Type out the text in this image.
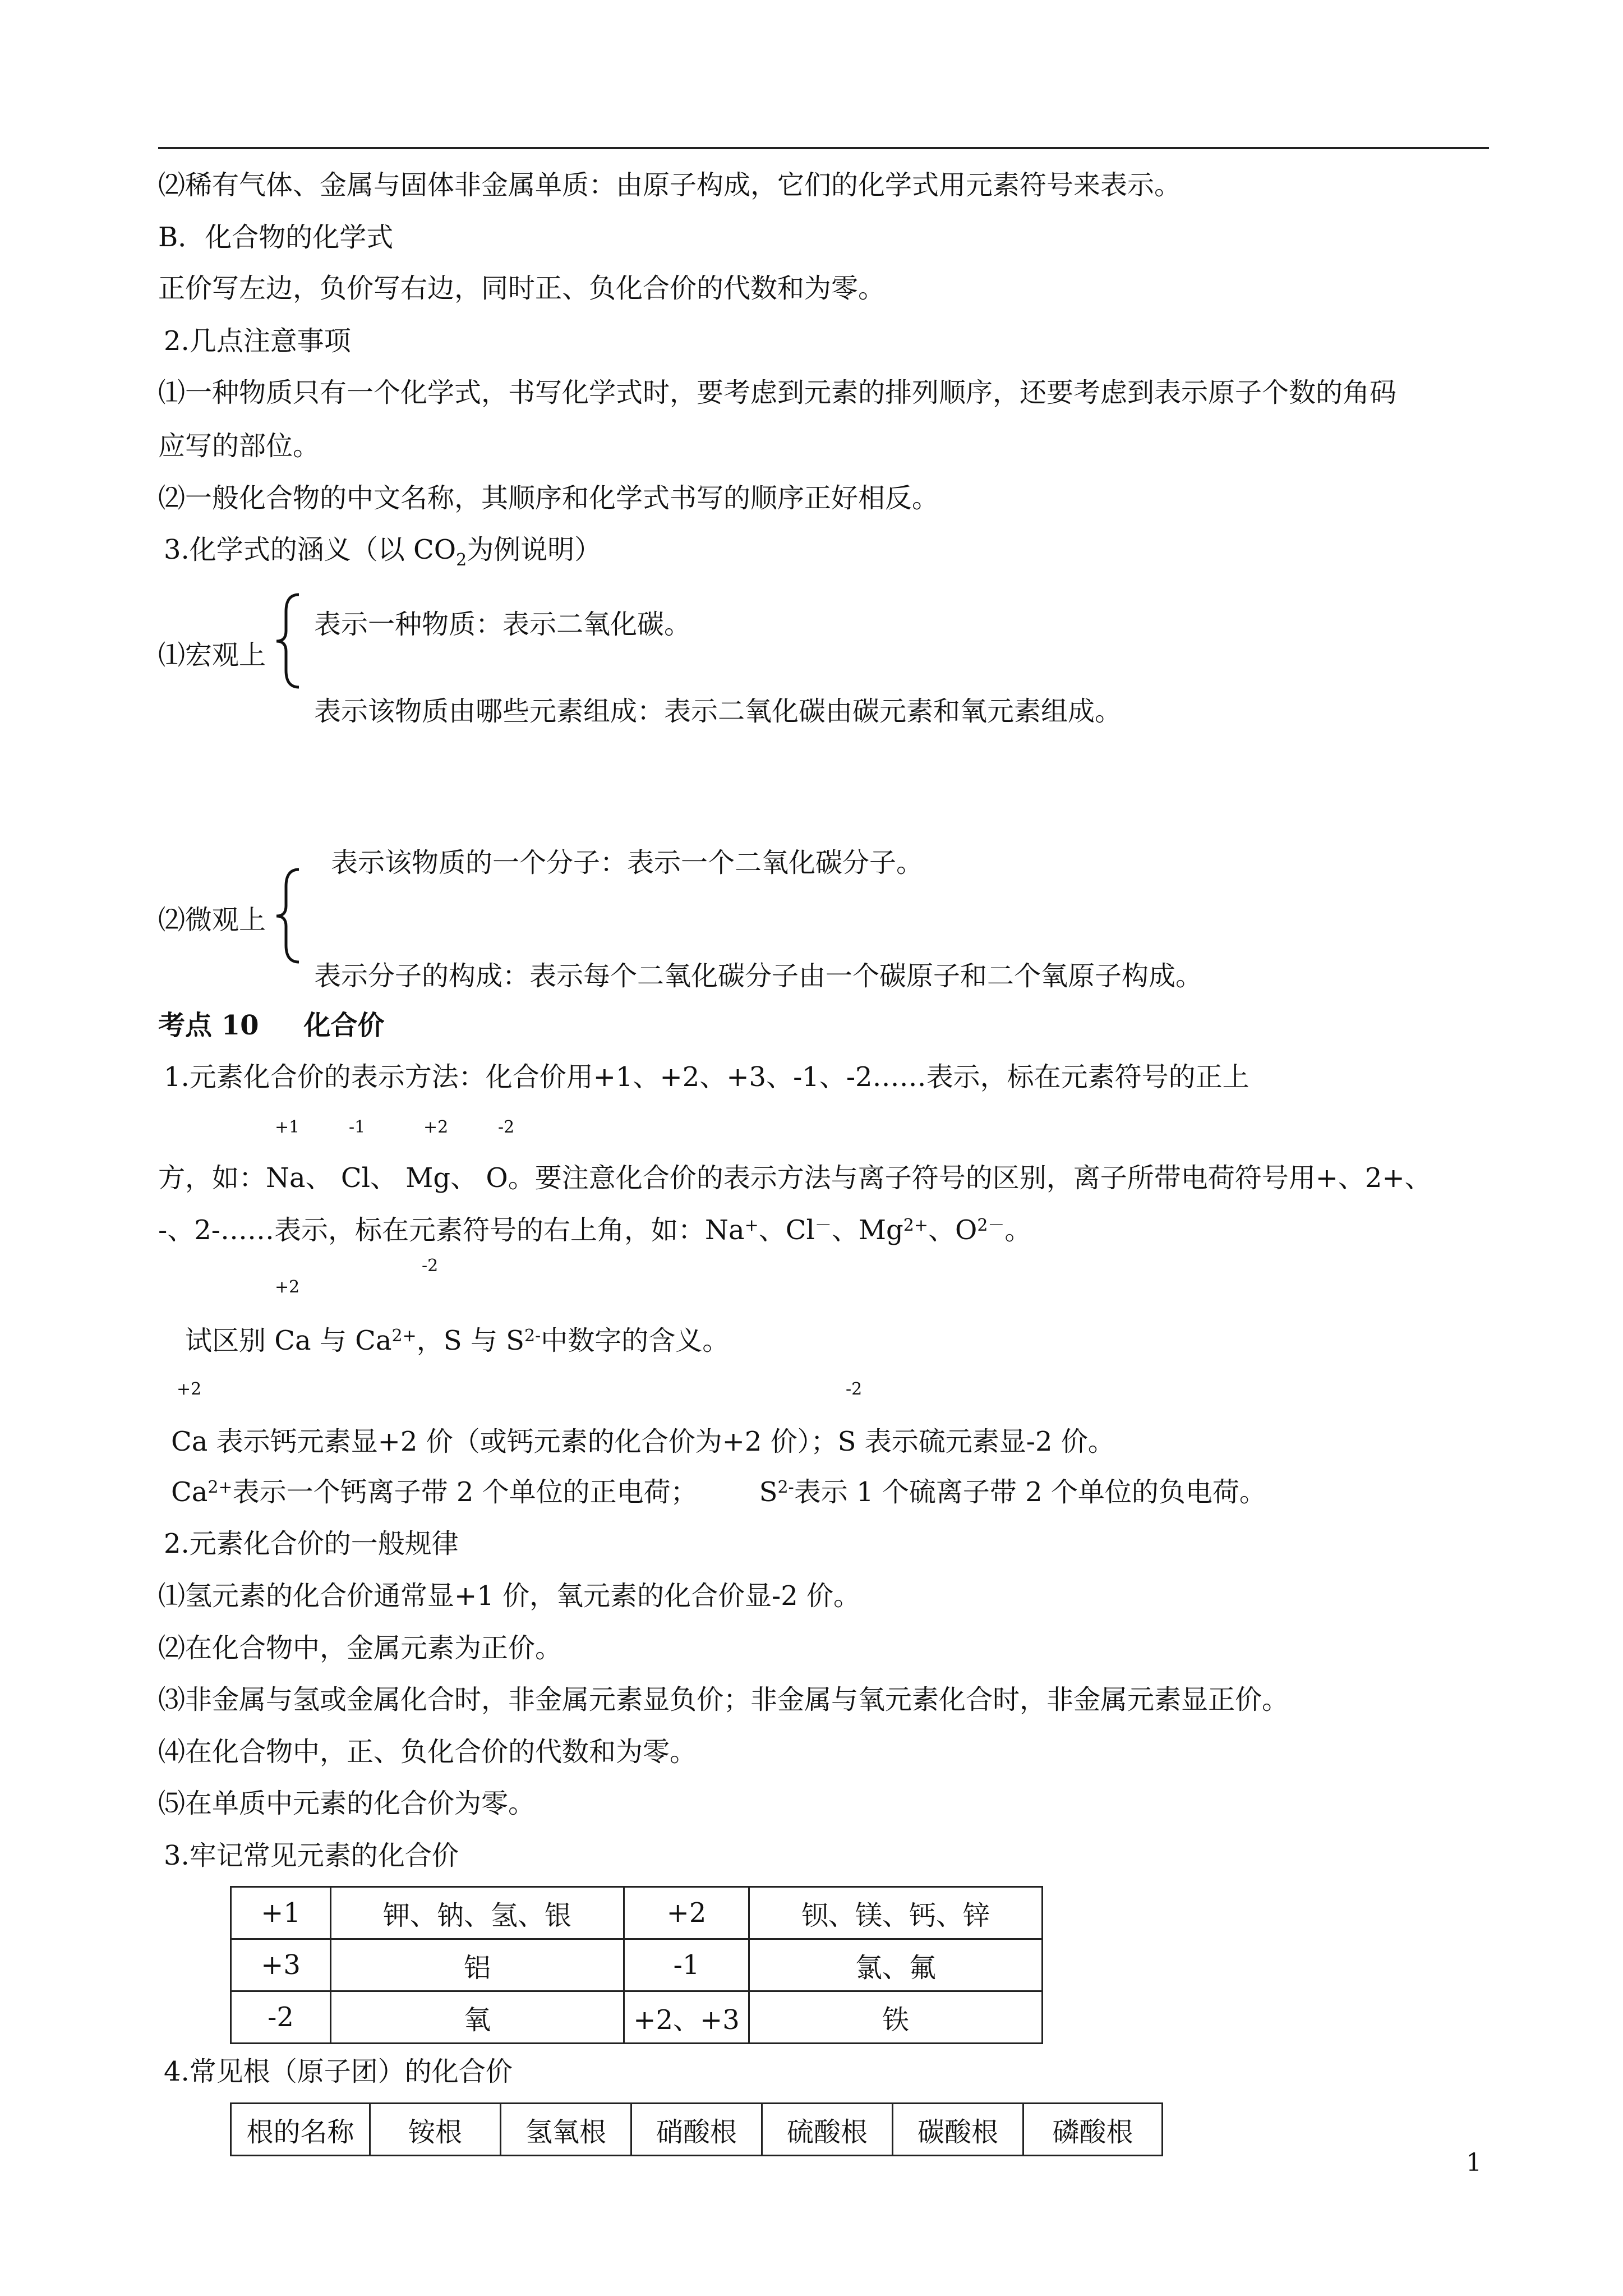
⑵稀有气体、金属与固体非金属单质：由原子构成，它们的化学式用元素符号来表示。
B．化合物的化学式
正价写左边，负价写右边，同时正、负化合价的代数和为零。
2.几点注意事项
⑴一种物质只有一个化学式，书写化学式时，要考虑到元素的排列顺序，还要考虑到表示原子个数的角码
应写的部位。
⑵一般化合物的中文名称，其顺序和化学式书写的顺序正好相反。
3.化学式的涵义（以 $CO_2$为例说明）
表示一种物质：表示二氧化碳。
⑴宏观上
表示该物质由哪些元素组成：表示二氧化碳由碳元素和氧元素组成。
表示该物质的一个分子：表示一个二氧化碳分子。
⑵微观上
表示分子的构成：表示每个二氧化碳分子由一个碳原子和二个氧原子构成。
考点 10 化合价
1.元素化合价的表示方法：化合价用+1、+2、+3、-1、-2……表示，标在元素符号的正上
+1	-1	+2	-2
方，如：Na、 Cl、 Mg、 O。要注意化合价的表示方法与离子符号的区别，离子所带电荷符号用+、2+、
-、2-……表示，标在元素符号的右上角，如：Na+、Cl－、$Mg^{2+}$、$O^{2-}$。
-2
+2
试区别 Ca 与 $Ca^{2+}$，S 与 $S^{2-}$中数字的含义。
+2	-2
Ca 表示钙元素显+2 价（或钙元素的化合价为+2 价）；S 表示硫元素显-2 价。
$Ca^{2+}$表示一个钙离子带 2 个单位的正电荷； $S^{2-}$表示 1 个硫离子带 2 个单位的负电荷。
2.元素化合价的一般规律
⑴氢元素的化合价通常显+1 价，氧元素的化合价显-2 价。
⑵在化合物中，金属元素为正价。
⑶非金属与氢或金属化合时，非金属元素显负价；非金属与氧元素化合时，非金属元素显正价。
⑷在化合物中，正、负化合价的代数和为零。
⑸在单质中元素的化合价为零。
3.牢记常见元素的化合价
+1	钾、钠、氢、银	+2	钡、镁、钙、锌
+3	铝	-1	氯、氟
-2	氧	+2、+3	铁
4.常见根（原子团）的化合价
根的名称	铵根	氢氧根	硝酸根	硫酸根	碳酸根	磷酸根
1
